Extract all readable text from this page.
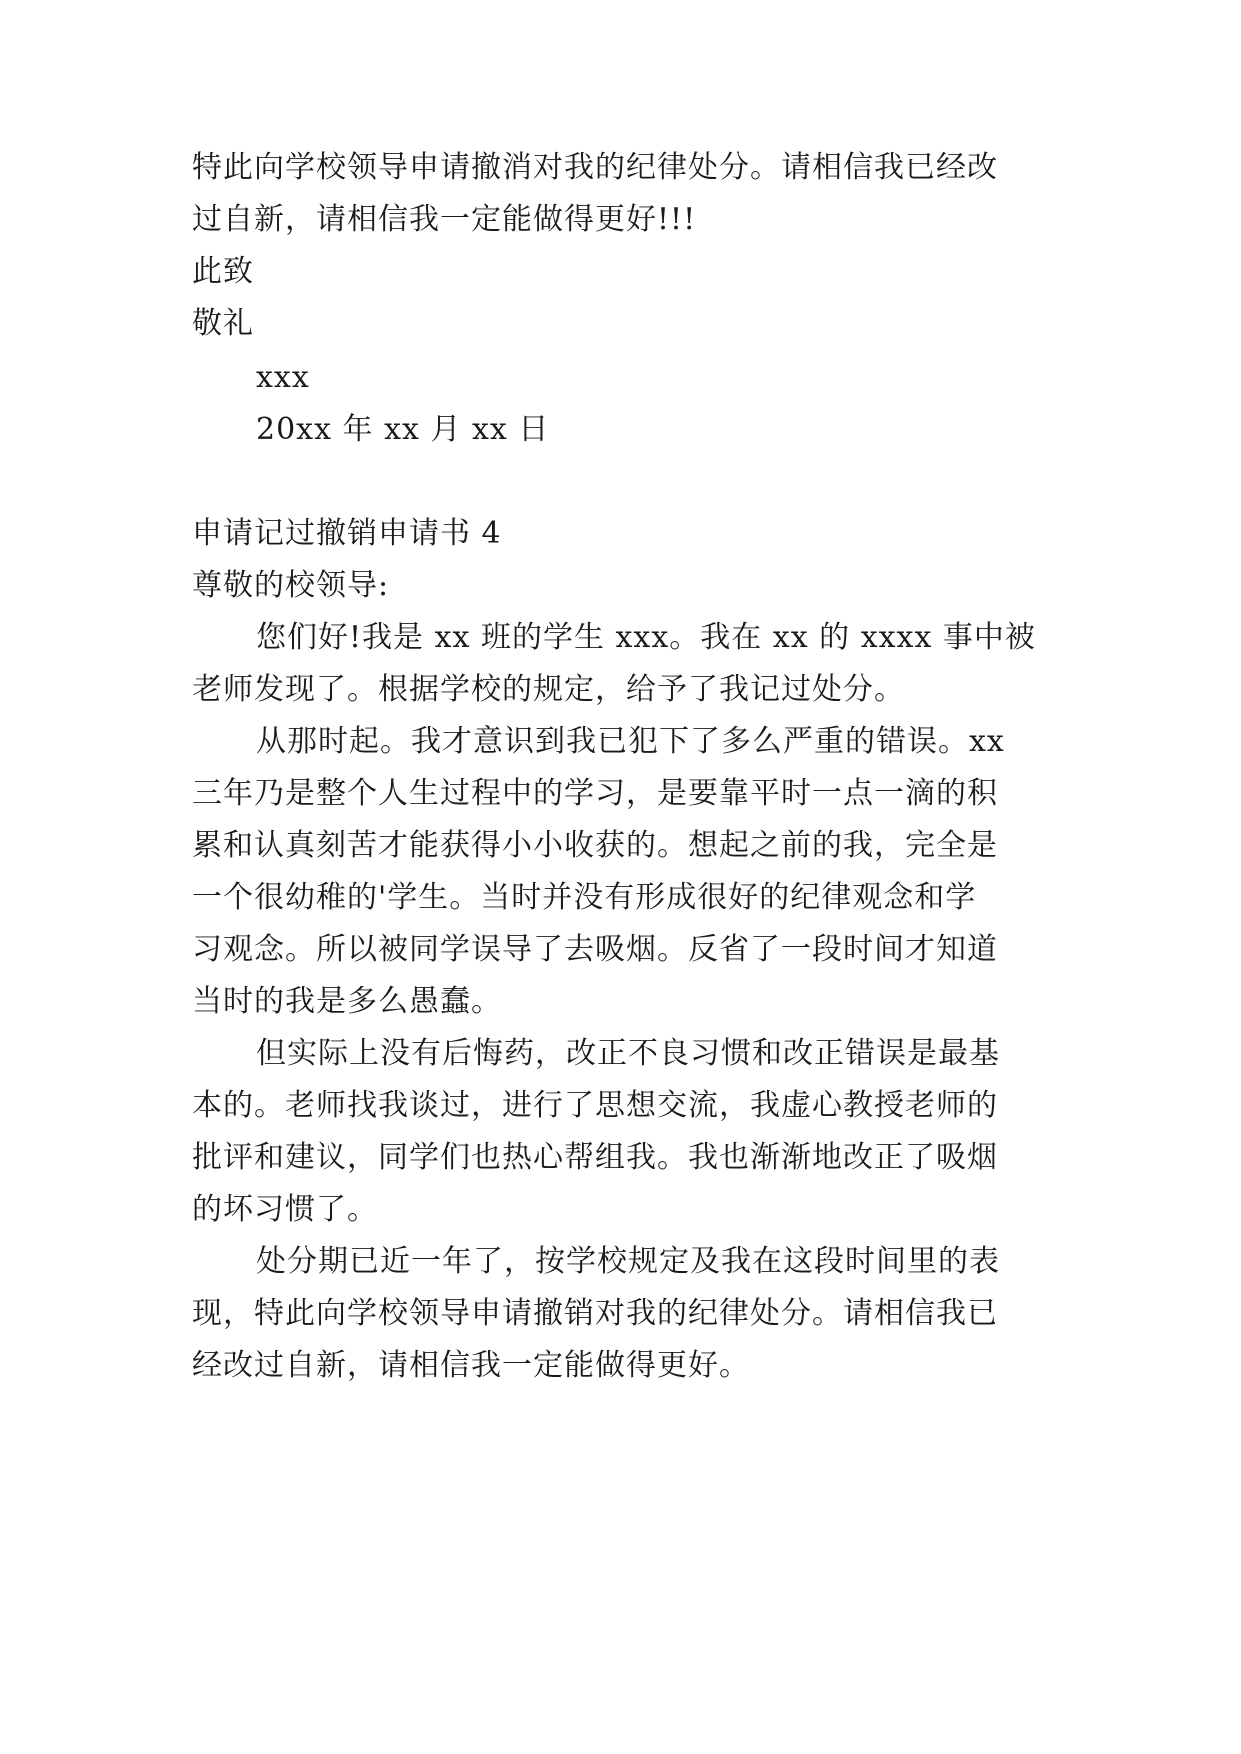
特此向学校领导申请撤消对我的纪律处分。请相信我已经改
过自新，请相信我一定能做得更好!!!
此致
敬礼
xxx
20xx 年 xx 月 xx 日
申请记过撤销申请书 4
尊敬的校领导:
您们好!我是 xx 班的学生 xxx。我在 xx 的 xxxx 事中被
老师发现了。根据学校的规定，给予了我记过处分。
从那时起。我才意识到我已犯下了多么严重的错误。xx
三年乃是整个人生过程中的学习，是要靠平时一点一滴的积
累和认真刻苦才能获得小小收获的。想起之前的我，完全是
一个很幼稚的'学生。当时并没有形成很好的纪律观念和学
习观念。所以被同学误导了去吸烟。反省了一段时间才知道
当时的我是多么愚蠢。
但实际上没有后悔药，改正不良习惯和改正错误是最基
本的。老师找我谈过，进行了思想交流，我虚心教授老师的
批评和建议，同学们也热心帮组我。我也渐渐地改正了吸烟
的坏习惯了。
处分期已近一年了，按学校规定及我在这段时间里的表
现，特此向学校领导申请撤销对我的纪律处分。请相信我已
经改过自新，请相信我一定能做得更好。
